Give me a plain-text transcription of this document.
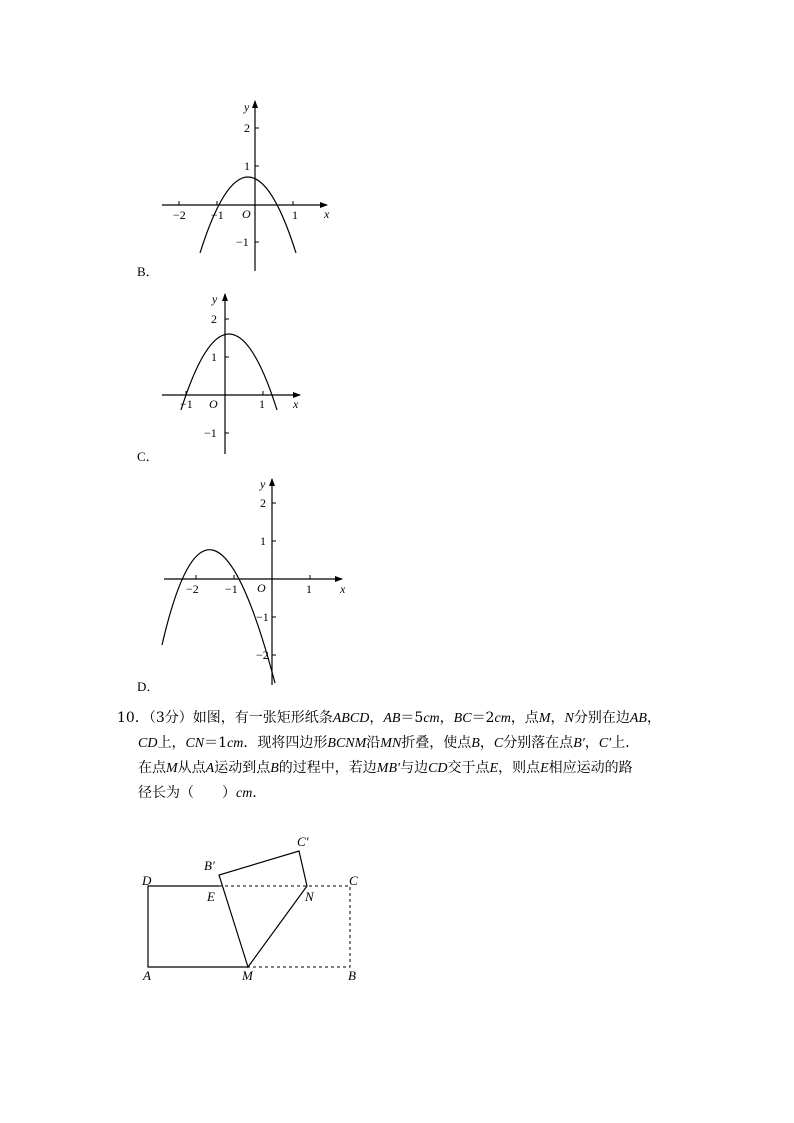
−2 −1	1
2
1
−1
O	x
y
B．
−1	1
2
1
−1
O	x
y
C．
−2 −1	1
2
1
−1
−2
O	x
y
D．

10．（3分）如图，有一张矩形纸条ABCD，AB＝5cm，BC＝2cm，点M，N分别在边AB，

CD上，CN＝1cm．现将四边形BCNM沿MN折叠，使点B，C分别落在点B′，C′上．

在点M从点A运动到点B的过程中，若边MB′与边CD交于点E，则点E相应运动的路

径长为（　　）cm．

D	C
A	M	B
E	N
B′
C′
